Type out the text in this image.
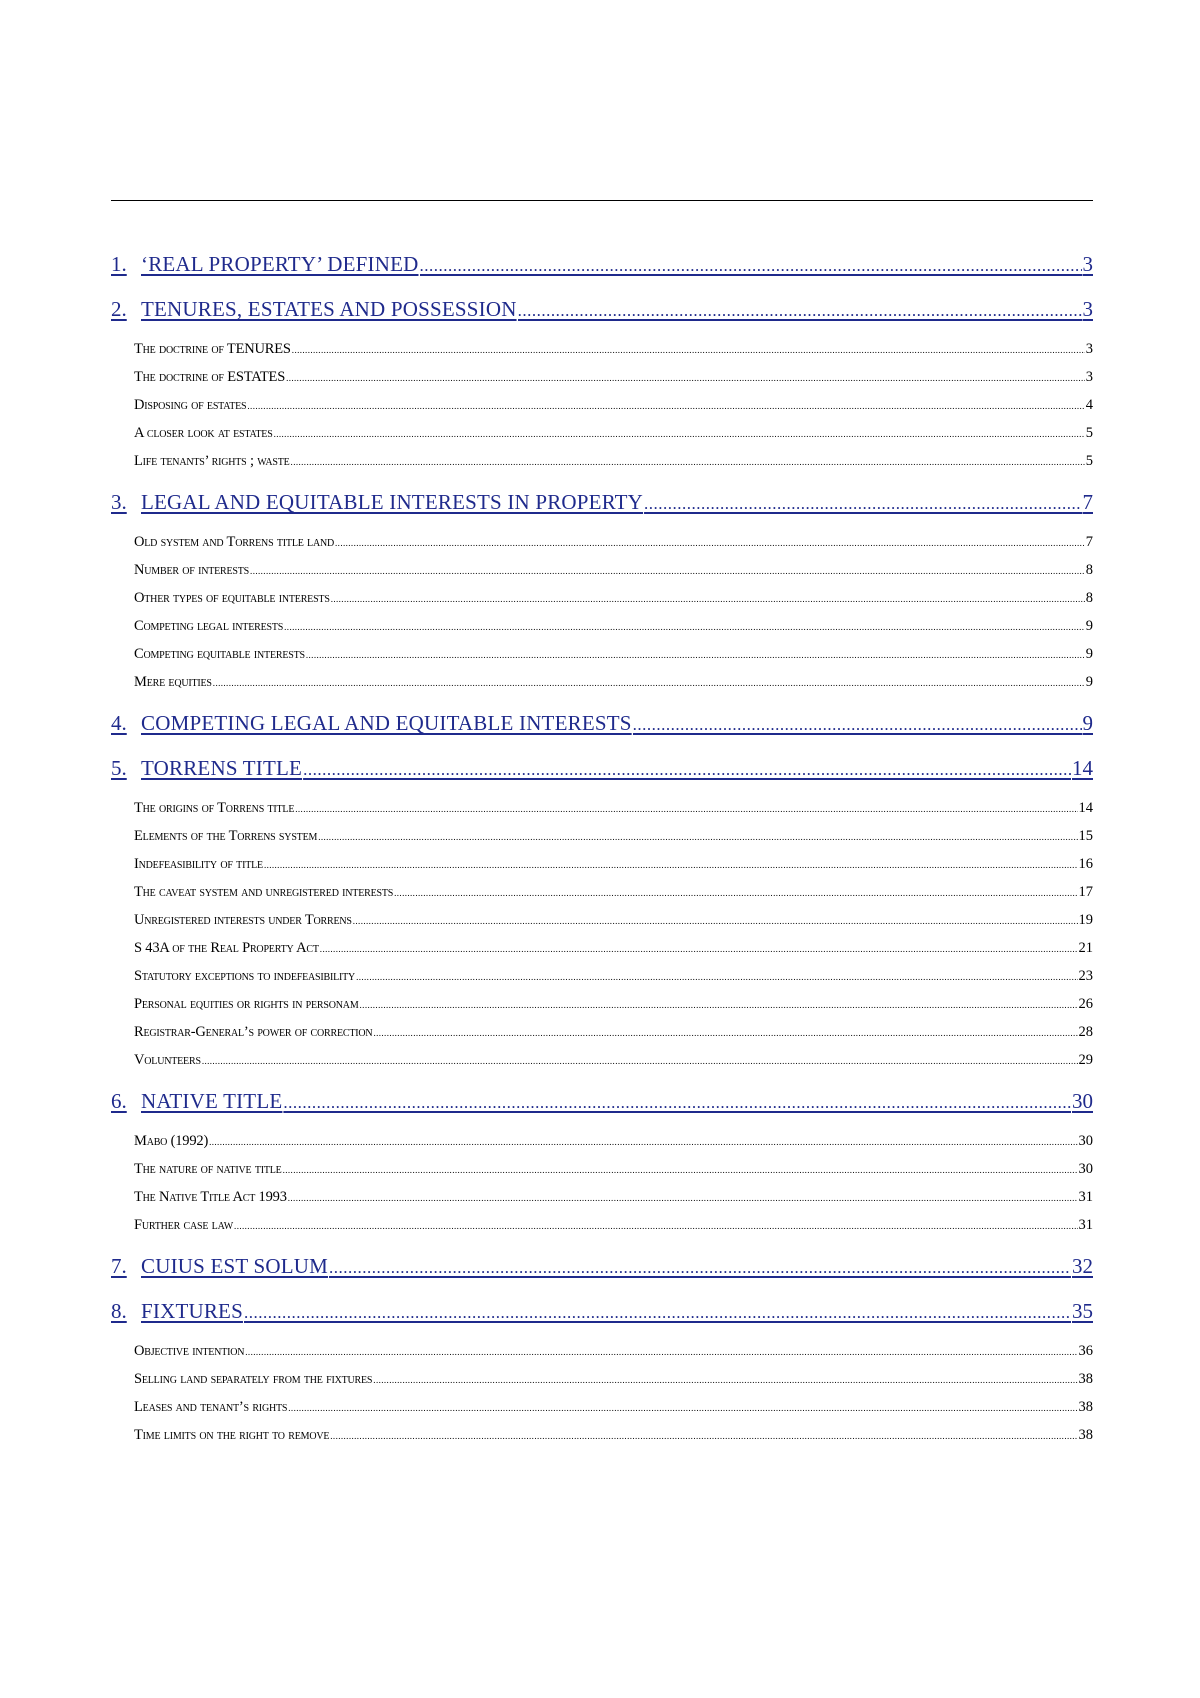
1. ‘REAL PROPERTY’ DEFINED .....	3
2. TENURES, ESTATES AND POSSESSION .....	3
The doctrine of TENURES .....	3
The doctrine of ESTATES .....	3
Disposing of estates .....	4
A closer look at estates .....	5
Life tenants’ rights ; waste .....	5
3. LEGAL AND EQUITABLE INTERESTS IN PROPERTY .....	7
Old system and Torrens title land .....	7
Number of interests .....	8
Other types of equitable interests .....	8
Competing legal interests .....	9
Competing equitable interests .....	9
Mere equities .....	9
4. COMPETING LEGAL AND EQUITABLE INTERESTS .....	9
5. TORRENS TITLE .....	14
The origins of Torrens title .....	14
Elements of the Torrens system .....	15
Indefeasibility of title .....	16
The caveat system and unregistered interests .....	17
Unregistered interests under Torrens .....	19
S 43A of the Real Property Act .....	21
Statutory exceptions to indefeasibility .....	23
Personal equities or rights in personam .....	26
Registrar-General’s power of correction .....	28
Volunteers .....	29
6. NATIVE TITLE .....	30
Mabo (1992) .....	30
The nature of native title .....	30
The Native Title Act 1993 .....	31
Further case law .....	31
7. CUIUS EST SOLUM .....	32
8. FIXTURES .....	35
Objective intention .....	36
Selling land separately from the fixtures .....	38
Leases and tenant’s rights .....	38
Time limits on the right to remove .....	38
